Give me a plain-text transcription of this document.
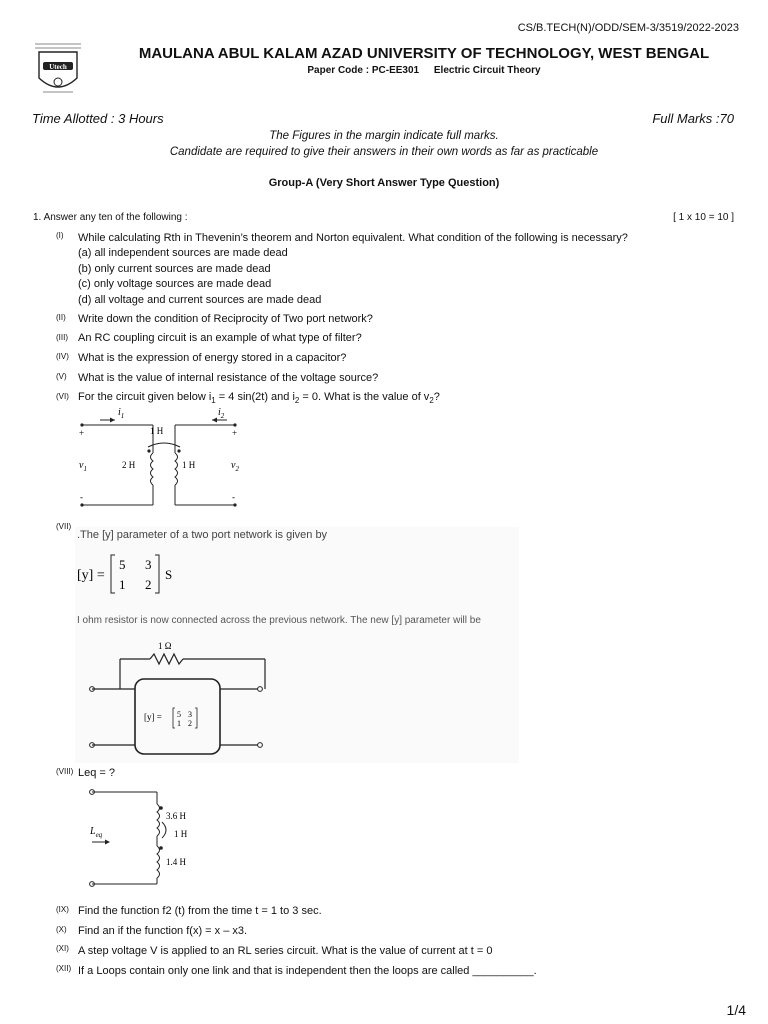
CS/B.TECH(N)/ODD/SEM-3/3519/2022-2023
Utech
MAULANA ABUL KALAM AZAD UNIVERSITY OF TECHNOLOGY, WEST BENGAL
Paper Code : PC-EE301 Electric Circuit Theory
Time Allotted : 3 Hours	Full Marks :70
The Figures in the margin indicate full marks.
Candidate are required to give their answers in their own words as far as practicable
Group-A (Very Short Answer Type Question)
1. Answer any ten of the following :	[ 1 x 10 = 10 ]
(I) While calculating Rth in Thevenin’s theorem and Norton equivalent. What condition of the following is necessary?
(a) all independent sources are made dead
(b) only current sources are made dead
(c) only voltage sources are made dead
(d) all voltage and current sources are made dead
(II) Write down the condition of Reciprocity of Two port network?
(III) An RC coupling circuit is an example of what type of filter?
(IV) What is the expression of energy stored in a capacitor?
(V) What is the value of internal resistance of the voltage source?
(VI) For the circuit given below $i_1 = 4$ sin(2t) and $i_2 = 0$. What is the value of $v_2$?
$i_1$	$i_2$
1 H
2 H	1 H
$v_1$	$v_2$
+	+
-	-
(VII)
.The [y] parameter of a two port network is given by
I ohm resistor is now connected across the previous network. The new [y] parameter will be
[y] =
5 3
1 2
S
1 Ω
[y] = 5 3
1 2
(VIII) Leq = ?
3.6 H
1 H
1.4 H
$L_{eq}$
(IX) Find the function f2 (t) from the time t = 1 to 3 sec.
(X) Find an if the function f(x) = x – x3.
(XI) A step voltage V is applied to an RL series circuit. What is the value of current at t = 0
(XII) If a Loops contain only one link and that is independent then the loops are called __________.
1/4
